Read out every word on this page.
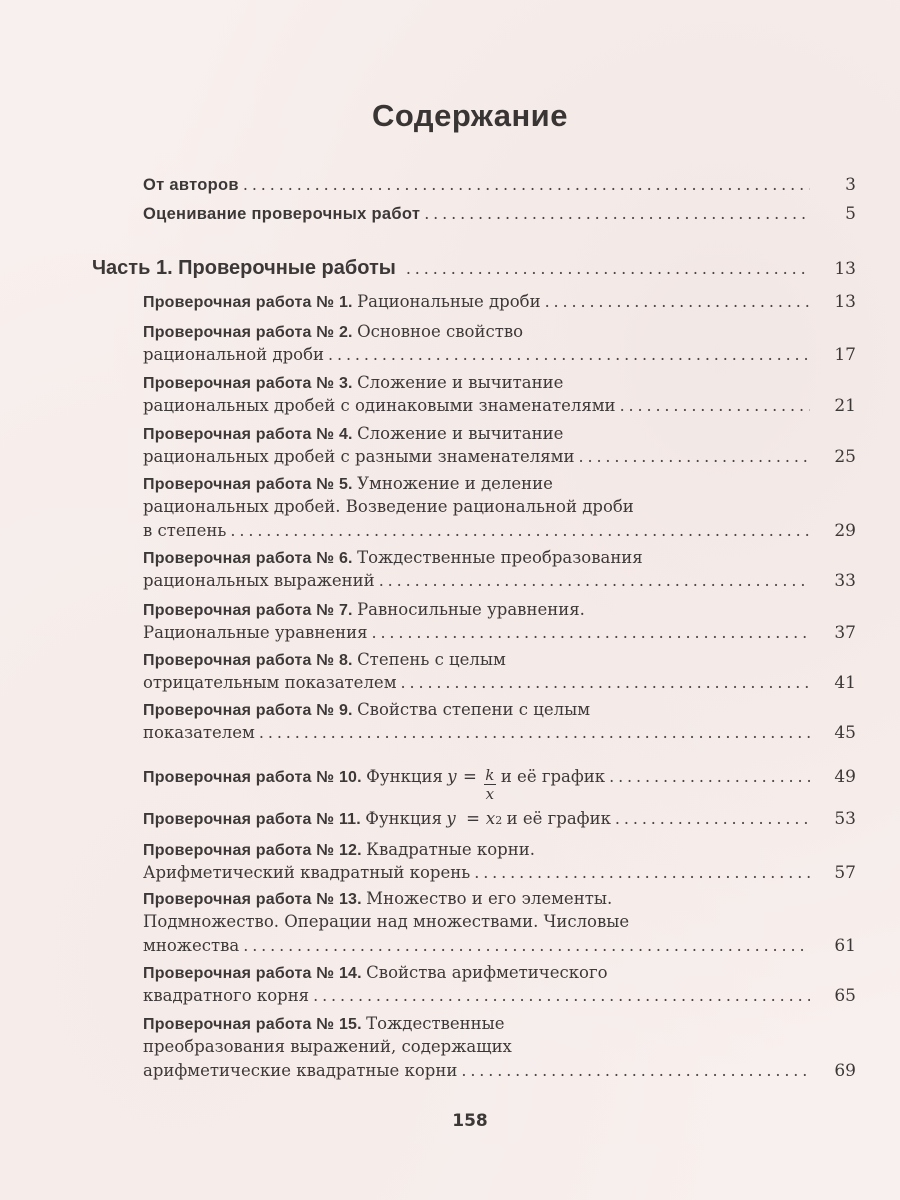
Содержание
От авторов . . .	3
Оценивание проверочных работ . . .	5
Часть 1. Проверочные работы . . .	13
Проверочная работа № 1.
Рациональные дроби . . .	13
Проверочная работа № 2.
Основное свойство
рациональной дроби . . .	17
Проверочная работа № 3.
Сложение и вычитание
рациональных дробей с одинаковыми знаменателями . . .	21
Проверочная работа № 4.
Сложение и вычитание
рациональных дробей с разными знаменателями . . .	25
Проверочная работа № 5.
Умножение и деление
рациональных дробей. Возведение рациональной дроби
в степень . . .	29
Проверочная работа № 6.
Тождественные преобразования
рациональных выражений . . .	33
Проверочная работа № 7.
Равносильные уравнения.
Рациональные уравнения . . .	37
Проверочная работа № 8.
Степень с целым
отрицательным показателем . . .	41
Проверочная работа № 9.
Свойства степени с целым
показателем . . .	45
Проверочная работа № 10.
Функция
y
= $\frac{k}{x}$ и её график . . .	49
Проверочная работа № 11.
Функция
y
= x 2
и её график . . .	53
Проверочная работа № 12.
Квадратные корни.
Арифметический квадратный корень . . .	57
Проверочная работа № 13.
Множество и его элементы.
Подмножество. Операции над множествами. Числовые
множества . . .	61
Проверочная работа № 14.
Свойства арифметического
квадратного корня . . .	65
Проверочная работа № 15.
Тождественные
преобразования выражений, содержащих
арифметические квадратные корни . . .	69
158
